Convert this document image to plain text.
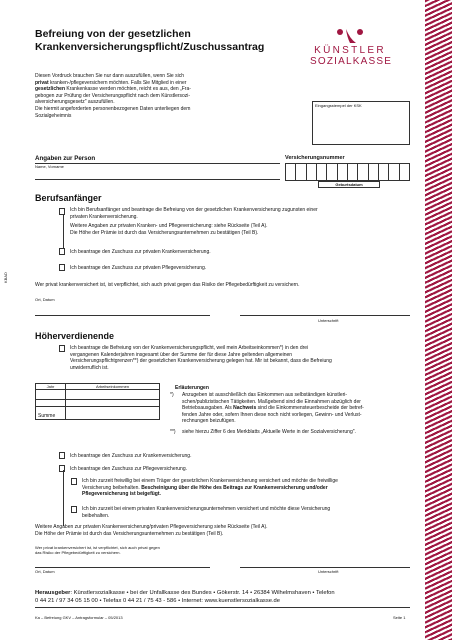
Befreiung von der gesetzlichen
Krankenversicherungspflicht/Zuschussantrag	KÜNSTLER
SOZIALKASSE
Diesen Vordruck brauchen Sie nur dann auszufüllen, wenn Sie sich
privat kranken-/pflegeversichern möchten. Falls Sie Mitglied in einer
gesetzlichen Krankenkasse werden möchten, reicht es aus, den „Fra-
gebogen zur Prüfung der Versicherungspflicht nach dem Künstlersozi-
alversicherungsgesetz" auszufüllen.
Die hiermit angeforderten personenbezogenen Daten unterliegen dem
Sozialgeheimnis
Eingangsstempel der KSK
Angaben zur Person	Versicherungsnummer
Name, Vorname
Geburtsdatum
Berufsanfänger
Ich bin Berufsanfänger und beantrage die Befreiung von der gesetzlichen Krankenversicherung zugunsten einer
privaten Krankenversicherung.
Weitere Angaben zur privaten Kranken- und Pflegeversicherung: siehe Rückseite (Teil A).
Die Höhe der Prämie ist durch das Versicherungsunternehmen zu bestätigen (Teil B).
Ich beantrage den Zuschuss zur privaten Krankenversicherung.
Ich beantrage den Zuschuss zur privaten Pflegeversicherung.
KBAD
Wer privat krankenversichert ist, ist verpflichtet, sich auch privat gegen das Risiko der Pflegebedürftigkeit zu versichern.
Ort, Datum
Unterschrift
Höherverdienende
Ich beantrage die Befreiung von der Krankenversicherungspflicht, weil mein Arbeitseinkommen*) in den drei
vergangenen Kalenderjahren insgesamt über der Summe der für diese Jahre geltenden allgemeinen
Versicherungspflichtgrenzen**) der gesetzlichen Krankenversicherung gelegen hat. Mir ist bekannt, dass die Befreiung
unwiderruflich ist.
Jahr	Arbeitseinkommen
Summe
Erläuterungen
*) Anzugeben ist ausschließlich das Einkommen aus selbständigen künstleri-
schen/publizistischen Tätigkeiten. Maßgebend sind die Einnahmen abzüglich der
Betriebsausgaben. Als Nachweis sind die Einkommensteuerbescheide der betref-
fenden Jahre oder, sofern Ihnen diese noch nicht vorliegen, Gewinn- und Verlust-
rechnungen beizufügen.
**) siehe hierzu Ziffer 6 des Merkblatts „Aktuelle Werte in der Sozialversicherung".
Ich beantrage den Zuschuss zur Krankenversicherung.
Ich beantrage den Zuschuss zur Pflegeversicherung.
Ich bin zurzeit freiwillig bei einem Träger der gesetzlichen Krankenversicherung versichert und möchte die freiwillige
Versicherung beibehalten. Bescheinigung über die Höhe des Beitrags zur Krankenversicherung und/oder
Pflegeversicherung ist beigefügt.
Ich bin zurzeit bei einem privaten Krankenversicherungsunternehmen versichert und möchte diese Versicherung
beibehalten.
Weitere Angaben zur privaten Krankenversicherung/privaten Pflegeversicherung siehe Rückseite (Teil A).
Die Höhe der Prämie ist durch das Versicherungsunternehmen zu bestätigen (Teil B).
Wer privat krankenversichert ist, ist verpflichtet, sich auch privat gegen
das Risiko der Pflegebedürftigkeit zu versichern.
Ort, Datum	Unterschrift
Herausgeber: Künstlersozialkasse • bei der Unfallkasse des Bundes • Gökerstr. 14 • 26384 Wilhelmshaven • Telefon
0 44 21 / 97 34 05 15 00 • Telefax 0 44 21 / 75 43 - 586 • Internet: www.kuenstlersozialkasse.de
Ka – Befreiung GKV – Antragsformular – 05/2013	Seite 1
